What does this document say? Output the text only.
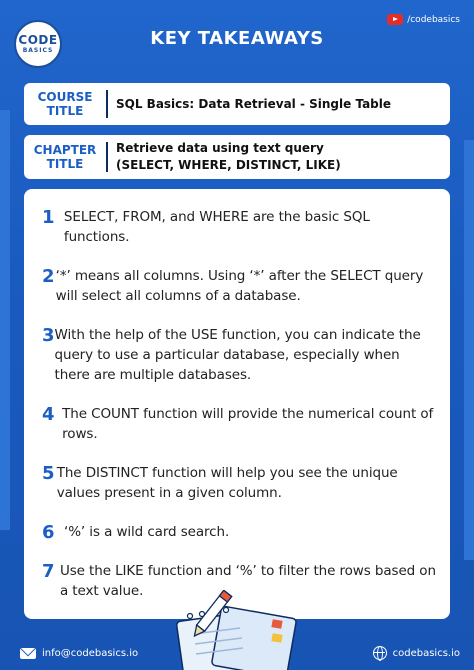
CODE
BASICS
KEY TAKEAWAYS
/codebasics
COURSE
TITLE
SQL Basics: Data Retrieval - Single Table
CHAPTER
TITLE
Retrieve data using text query
(SELECT, WHERE, DISTINCT, LIKE)
1 SELECT, FROM, and WHERE are the basic SQL functions.
2 ‘*’ means all columns. Using ‘*’ after the SELECT query will select all columns of a database.
3 With the help of the USE function, you can indicate the query to use a particular database, especially when there are multiple databases.
4 The COUNT function will provide the numerical count of rows.
5 The DISTINCT function will help you see the unique values present in a given column.
6 ‘%’ is a wild card search.
7 Use the LIKE function and ‘%’ to filter the rows based on a text value.
info@codebasics.io	codebasics.io
